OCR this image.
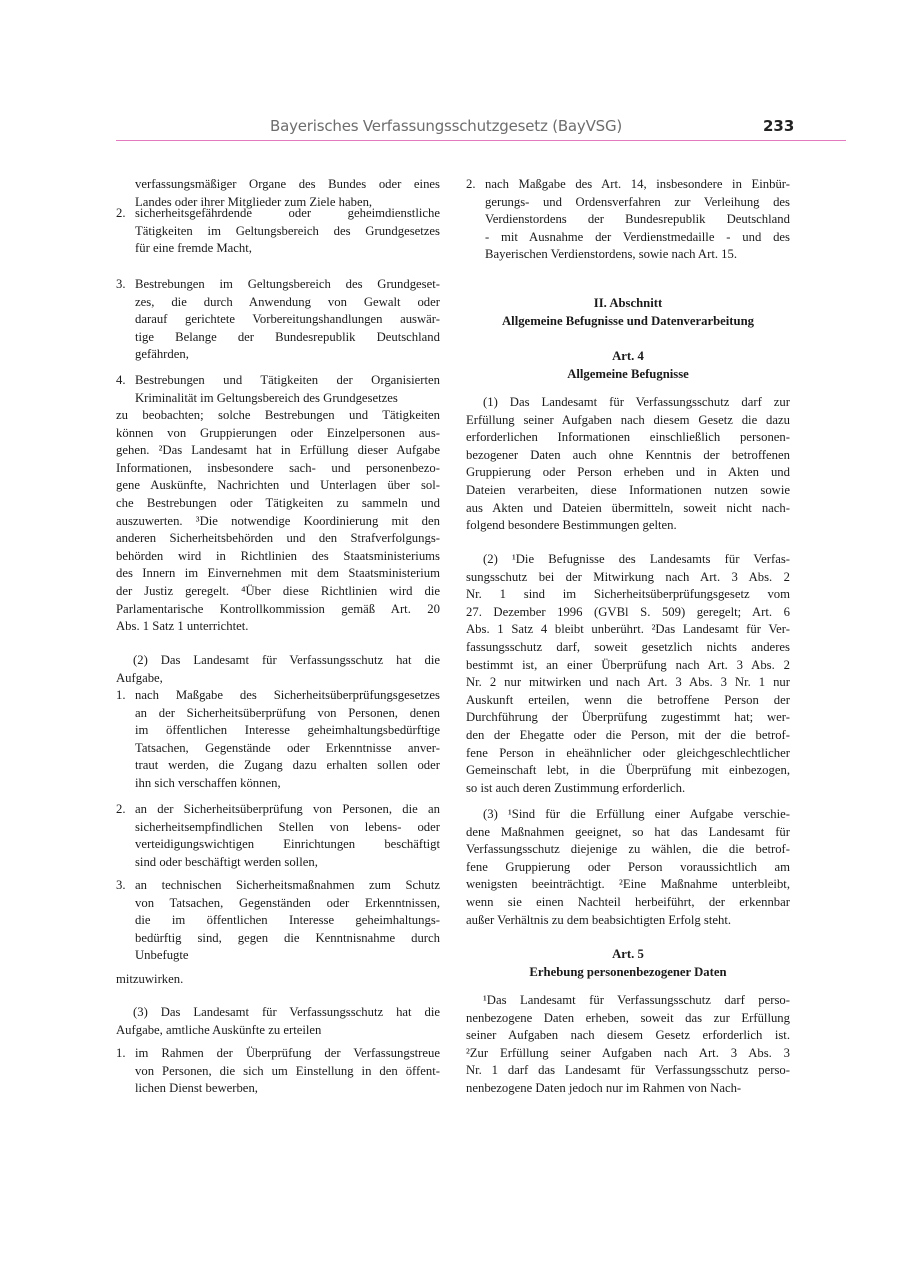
Bayerisches Verfassungsschutzgesetz (BayVSG)	233
verfassungsmäßiger Organe des Bundes oder eines
Landes oder ihrer Mitglieder zum Ziele haben,
2. sicherheitsgefährdende oder geheimdienstliche
Tätigkeiten im Geltungsbereich des Grundgesetzes
für eine fremde Macht,
3. Bestrebungen im Geltungsbereich des Grundgeset-
zes, die durch Anwendung von Gewalt oder
darauf gerichtete Vorbereitungshandlungen auswär-
tige Belange der Bundesrepublik Deutschland
gefährden,
4. Bestrebungen und Tätigkeiten der Organisierten
Kriminalität im Geltungsbereich des Grundgesetzes
zu beobachten; solche Bestrebungen und Tätigkeiten
können von Gruppierungen oder Einzelpersonen aus-
gehen. ²Das Landesamt hat in Erfüllung dieser Aufgabe
Informationen, insbesondere sach- und personenbezo-
gene Auskünfte, Nachrichten und Unterlagen über sol-
che Bestrebungen oder Tätigkeiten zu sammeln und
auszuwerten. ³Die notwendige Koordinierung mit den
anderen Sicherheitsbehörden und den Strafverfolgungs-
behörden wird in Richtlinien des Staatsministeriums
des Innern im Einvernehmen mit dem Staatsministerium
der Justiz geregelt. ⁴Über diese Richtlinien wird die
Parlamentarische Kontrollkommission gemäß Art. 20
Abs. 1 Satz 1 unterrichtet.
(2) Das Landesamt für Verfassungsschutz hat die
Aufgabe,
1. nach Maßgabe des Sicherheitsüberprüfungsgesetzes
an der Sicherheitsüberprüfung von Personen, denen
im öffentlichen Interesse geheimhaltungsbedürftige
Tatsachen, Gegenstände oder Erkenntnisse anver-
traut werden, die Zugang dazu erhalten sollen oder
ihn sich verschaffen können,
2. an der Sicherheitsüberprüfung von Personen, die an
sicherheitsempfindlichen Stellen von lebens- oder
verteidigungswichtigen Einrichtungen beschäftigt
sind oder beschäftigt werden sollen,
3. an technischen Sicherheitsmaßnahmen zum Schutz
von Tatsachen, Gegenständen oder Erkenntnissen,
die im öffentlichen Interesse geheimhaltungs-
bedürftig sind, gegen die Kenntnisnahme durch
Unbefugte
mitzuwirken.
(3) Das Landesamt für Verfassungsschutz hat die
Aufgabe, amtliche Auskünfte zu erteilen
1. im Rahmen der Überprüfung der Verfassungstreue
von Personen, die sich um Einstellung in den öffent-
lichen Dienst bewerben,
2. nach Maßgabe des Art. 14, insbesondere in Einbür-
gerungs- und Ordensverfahren zur Verleihung des
Verdienstordens der Bundesrepublik Deutschland
- mit Ausnahme der Verdienstmedaille - und des
Bayerischen Verdienstordens, sowie nach Art. 15.
II. Abschnitt
Allgemeine Befugnisse und Datenverarbeitung
Art. 4
Allgemeine Befugnisse
(1) Das Landesamt für Verfassungsschutz darf zur
Erfüllung seiner Aufgaben nach diesem Gesetz die dazu
erforderlichen Informationen einschließlich personen-
bezogener Daten auch ohne Kenntnis der betroffenen
Gruppierung oder Person erheben und in Akten und
Dateien verarbeiten, diese Informationen nutzen sowie
aus Akten und Dateien übermitteln, soweit nicht nach-
folgend besondere Bestimmungen gelten.
(2) ¹Die Befugnisse des Landesamts für Verfas-
sungsschutz bei der Mitwirkung nach Art. 3 Abs. 2
Nr. 1 sind im Sicherheitsüberprüfungsgesetz vom
27. Dezember 1996 (GVBl S. 509) geregelt; Art. 6
Abs. 1 Satz 4 bleibt unberührt. ²Das Landesamt für Ver-
fassungsschutz darf, soweit gesetzlich nichts anderes
bestimmt ist, an einer Überprüfung nach Art. 3 Abs. 2
Nr. 2 nur mitwirken und nach Art. 3 Abs. 3 Nr. 1 nur
Auskunft erteilen, wenn die betroffene Person der
Durchführung der Überprüfung zugestimmt hat; wer-
den der Ehegatte oder die Person, mit der die betrof-
fene Person in eheähnlicher oder gleichgeschlechtlicher
Gemeinschaft lebt, in die Überprüfung mit einbezogen,
so ist auch deren Zustimmung erforderlich.
(3) ¹Sind für die Erfüllung einer Aufgabe verschie-
dene Maßnahmen geeignet, so hat das Landesamt für
Verfassungsschutz diejenige zu wählen, die die betrof-
fene Gruppierung oder Person voraussichtlich am
wenigsten beeinträchtigt. ²Eine Maßnahme unterbleibt,
wenn sie einen Nachteil herbeiführt, der erkennbar
außer Verhältnis zu dem beabsichtigten Erfolg steht.
Art. 5
Erhebung personenbezogener Daten
¹Das Landesamt für Verfassungsschutz darf perso-
nenbezogene Daten erheben, soweit das zur Erfüllung
seiner Aufgaben nach diesem Gesetz erforderlich ist.
²Zur Erfüllung seiner Aufgaben nach Art. 3 Abs. 3
Nr. 1 darf das Landesamt für Verfassungsschutz perso-
nenbezogene Daten jedoch nur im Rahmen von Nach-
